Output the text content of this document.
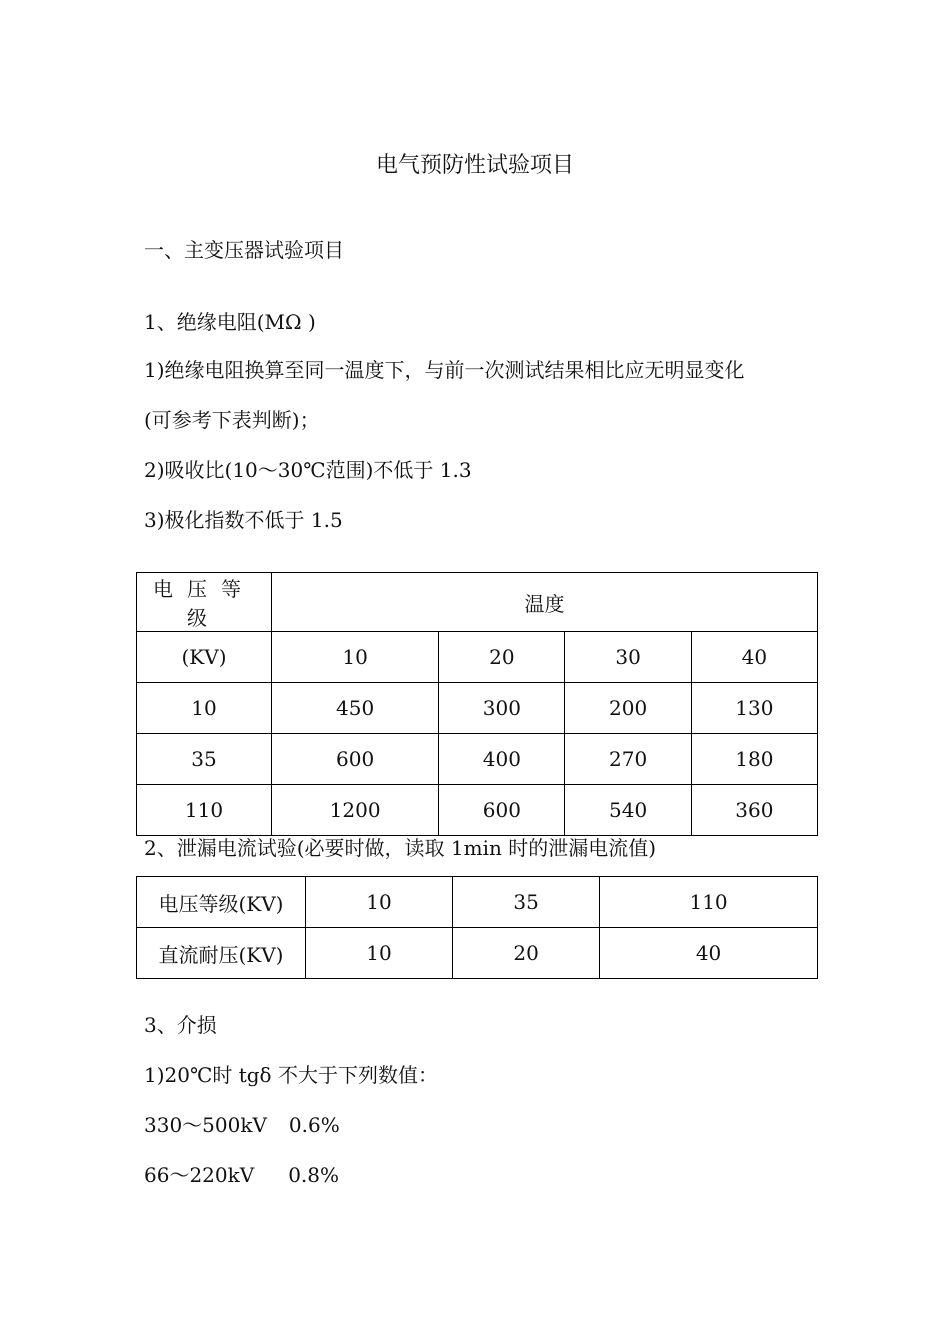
电气预防性试验项目
一、主变压器试验项目
1、绝缘电阻(MΩ )
1)绝缘电阻换算至同一温度下，与前一次测试结果相比应无明显变化
(可参考下表判断)；
2)吸收比(10～30℃范围)不低于 1.3
3)极化指数不低于 1.5
电压等级	温度			
(KV)	10	20	30	40
10	450	300	200	130
35	600	400	270	180
110	1200	600	540	360
2、泄漏电流试验(必要时做，读取 1min 时的泄漏电流值)
电压等级(KV)	10	35	110
直流耐压(KV)	10	20	40
3、介损
1)20℃时 tgδ 不大于下列数值：
330～500kV 0.6%
66～220kV 0.8%
